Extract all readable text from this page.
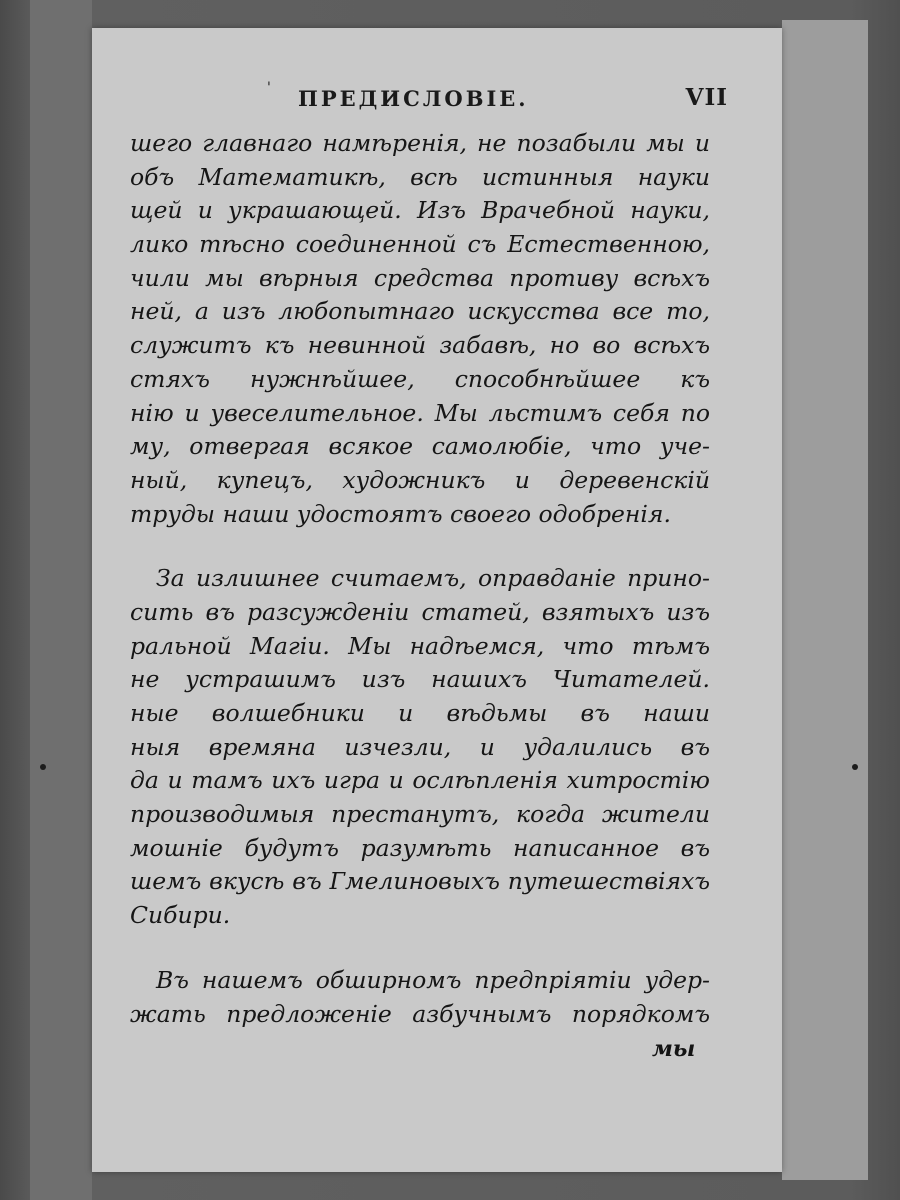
' ПРЕДИСЛОВІЕ.	VII
шего главнаго намѣренія, не позабыли мы и
объ Математикѣ, всѣ истинныя науки
щей и украшающей. Изъ Врачебной науки,
лико тѣсно соединенной съ Естественною,
чили мы вѣрныя средства противу всѣхъ
ней, а изъ любопытнаго искусства все то,
служитъ къ невинной забавѣ, но во всѣхъ
стяхъ нужнѣйшее, способнѣйшее къ
нію и увеселительное. Мы льстимъ себя по
му, отвергая всякое самолюбіе, что уче-
ный, купецъ, художникъ и деревенскій
труды наши удостоятъ своего одобренія.
За излишнее считаемъ, оправданіе прино-
сить въ разсужденіи статей, взятыхъ изъ
ральной Магіи. Мы надѣемся, что тѣмъ
не устрашимъ изъ нашихъ Читателей.
ные волшебники и вѣдьмы въ наши
ныя времяна изчезли, и удалились въ
да и тамъ ихъ игра и ослѣпленія хитростію
производимыя престанутъ, когда жители
мошніе будутъ разумѣть написанное въ
шемъ вкусѣ въ Гмелиновыхъ путешествіяхъ
Сибири.
Въ нашемъ обширномъ предпріятіи удер-
жать предложеніе азбучнымъ порядкомъ
мы
